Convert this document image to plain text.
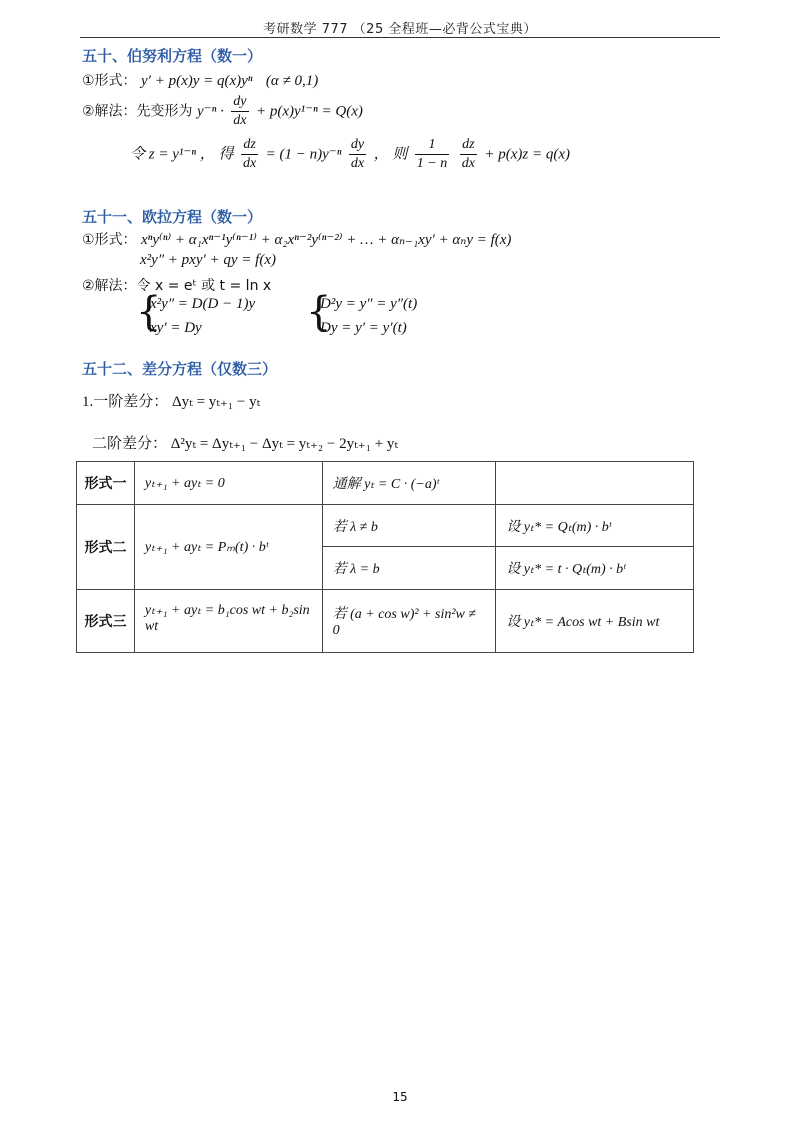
考研数学 777 （25 全程班—必背公式宝典）
五十、伯努利方程（数一）
①形式： y′ + p(x)y = q(x)yⁿ (α ≠ 0,1)
②解法：先变形为 $y^{-n} \cdot \frac{dy}{dx} + p(x)y^{1-n} = Q(x)$
令 z = y¹⁻ⁿ ， 得 $\frac{dz}{dx} = (1 - n)y^{-n} \frac{dy}{dx}$ ， 则 $\frac{1}{1 - n}$
$\frac{dz}{dx} + p(x)z = q(x)$
五十一、欧拉方程（数一）
①形式： xⁿy⁽ⁿ⁾ + α₁xⁿ⁻¹y⁽ⁿ⁻¹⁾ + α₂xⁿ⁻²y⁽ⁿ⁻²⁾ + … + αₙ₋₁xy′ + αₙy = f(x)
x²y″ + pxy′ + qy = f(x)
②解法：令 x = eᵗ 或 t = ln x
{
x²y″ = D(D − 1)y
xy′ = Dy	{
D²y = y″ = y″(t)
Dy = y′ = y′(t)
五十二、差分方程（仅数三）
1.一阶差分： Δyₜ = yₜ₊₁ − yₜ
二阶差分： Δ²yₜ = Δyₜ₊₁ − Δyₜ = yₜ₊₂ − 2yₜ₊₁ + yₜ
形式一	yₜ₊₁ + ayₜ = 0	通解 yₜ = C · (−a)ᵗ	
形式二	yₜ₊₁ + ayₜ = Pₘ(t) · bᵗ	若 λ ≠ b	设 yₜ* = Qₜ(m) · bᵗ
		若 λ = b	设 yₜ* = t · Qₜ(m) · bᵗ
形式三	yₜ₊₁ + ayₜ = b₁cos wt + b₂sin wt	若 (a + cos w)² + sin²w ≠ 0	设 yₜ* = Acos wt + Bsin wt
15
